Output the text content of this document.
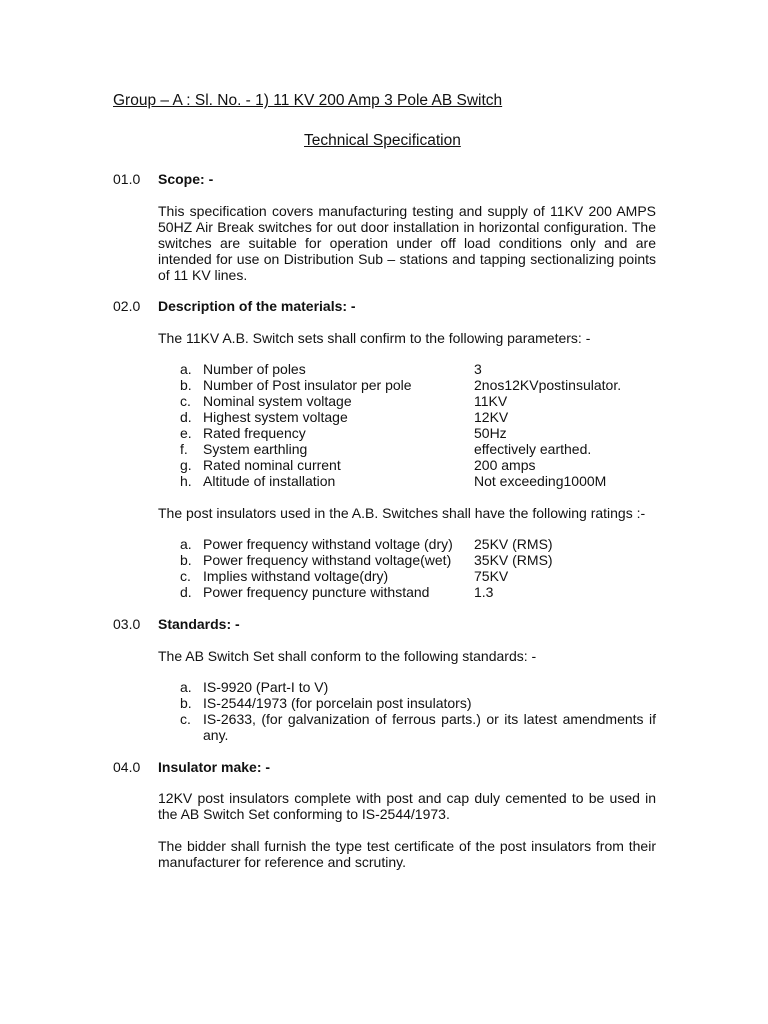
Group – A : Sl. No. - 1) 11 KV 200 Amp 3 Pole AB Switch
Technical Specification
01.0 Scope: -
This specification covers manufacturing testing and supply of 11KV 200 AMPS 50HZ Air Break switches for out door installation in horizontal configuration. The switches are suitable for operation under off load conditions only and are intended for use on Distribution Sub – stations and tapping sectionalizing points of 11 KV lines.
02.0 Description of the materials: -
The 11KV A.B. Switch sets shall confirm to the following parameters: -
a. Number of poles	3
b. Number of Post insulator per pole	2nos12KVpostinsulator.
c. Nominal system voltage	11KV
d. Highest system voltage	12KV
e. Rated frequency	50Hz
f. System earthling	effectively earthed.
g. Rated nominal current	200 amps
h. Altitude of installation	Not exceeding1000M
The post insulators used in the A.B. Switches shall have the following ratings :-
a. Power frequency withstand voltage (dry) 25KV (RMS)
b. Power frequency withstand voltage(wet) 35KV (RMS)
c. Implies withstand voltage(dry)	75KV
d. Power frequency puncture withstand	1.3
03.0 Standards: -
The AB Switch Set shall conform to the following standards: -
a. IS-9920 (Part-I to V)
b. IS-2544/1973 (for porcelain post insulators)
c. IS-2633, (for galvanization of ferrous parts.) or its latest amendments if any.
04.0 Insulator make: -
12KV post insulators complete with post and cap duly cemented to be used in the AB Switch Set conforming to IS-2544/1973.
The bidder shall furnish the type test certificate of the post insulators from their manufacturer for reference and scrutiny.
